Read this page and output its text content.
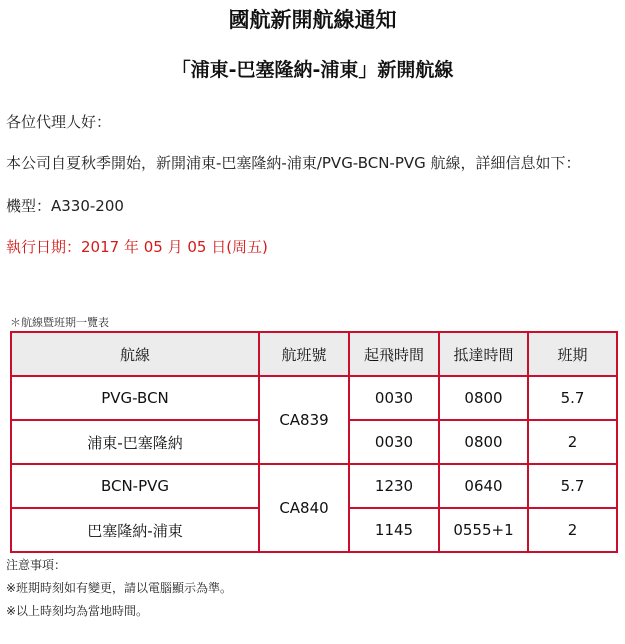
國航新開航線通知
「浦東-巴塞隆納-浦東」新開航線
各位代理人好：
本公司自夏秋季開始，新開浦東-巴塞隆納-浦東/PVG-BCN-PVG 航線，詳細信息如下：
機型：A330-200
執行日期：2017 年 05 月 05 日(周五)
＊航線暨班期一覽表
航線	航班號	起飛時間	抵達時間	班期
PVG-BCN	CA839	0030	0800	5.7
浦東-巴塞隆納		0030	0800	2
BCN-PVG	CA840	1230	0640	5.7
巴塞隆納-浦東		1145	0555+1	2
注意事項：
※班期時刻如有變更，請以電腦顯示為準。
※以上時刻均為當地時間。
